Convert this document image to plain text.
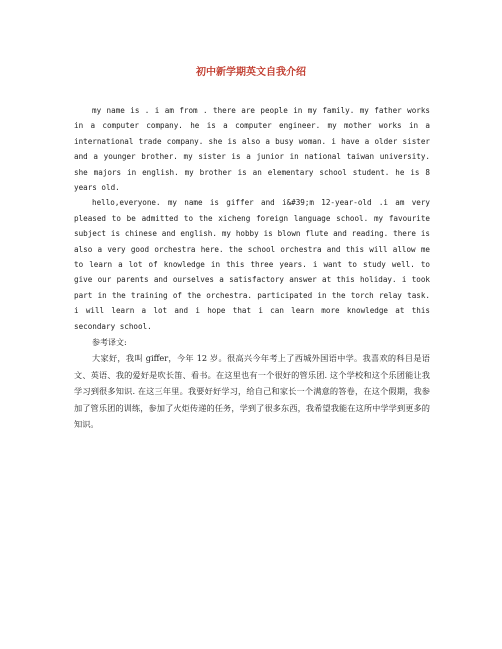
初中新学期英文自我介绍

my name is . i am from . there are people in my family. my father works in a computer company. he is a computer engineer. my mother works in a international trade company. she is also a busy woman. i have a older sister and a younger brother. my sister is a junior in national taiwan university. she majors in english. my brother is an elementary school student. he is 8 years old.

hello,everyone. my name is giffer and i&#39;m 12-year-old .i am very pleased to be admitted to the xicheng foreign language school. my favourite subject is chinese and english. my hobby is blown flute and reading. there is also a very good orchestra here. the school orchestra and this will allow me to learn a lot of knowledge in this three years. i want to study well. to give our parents and ourselves a satisfactory answer at this holiday. i took part in the training of the orchestra. participated in the torch relay task. i will learn a lot and i hope that i can learn more knowledge at this secondary school.

参考译文:

大家好，我叫 giffer，今年 12 岁。很高兴今年考上了西城外国语中学。我喜欢的科目是语文、英语、我的爱好是吹长笛、看书。在这里也有一个很好的管乐团. 这个学校和这个乐团能让我学习到很多知识. 在这三年里。我要好好学习，给自己和家长一个满意的答卷，在这个假期，我参加了管乐团的训练，参加了火炬传递的任务，学到了很多东西，我希望我能在这所中学学到更多的知识。
